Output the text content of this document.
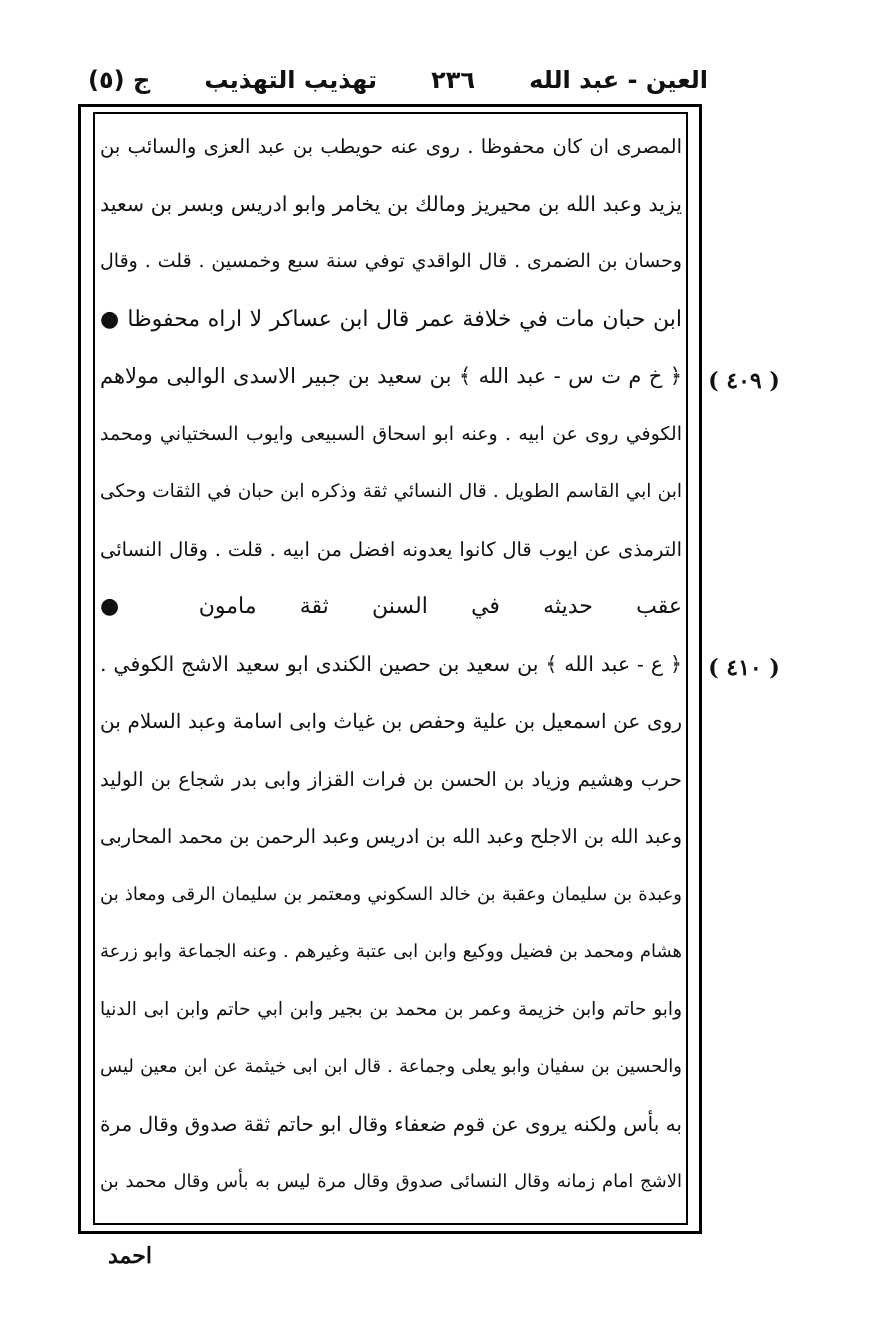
ج (٥) تهذيب التهذيب ٢٣٦ العين - عبد الله
( ٤٠٩ )
( ٤١٠ )
المصرى ان كان محفوظا . روى عنه حويطب بن عبد العزى والسائب بن
يزيد وعبد الله بن محيريز ومالك بن يخامر وابو ادريس وبسر بن سعيد
وحسان بن الضمرى . قال الواقدي توفي سنة سبع وخمسين . قلت . وقال
ابن حبان مات في خلافة عمر قال ابن عساكر لا اراه محفوظا ●
﴿ خ م ت س - عبد الله ﴾ بن سعيد بن جبير الاسدى الوالبى مولاهم
الكوفي روى عن ابيه . وعنه ابو اسحاق السبيعى وايوب السختياني ومحمد
ابن ابي القاسم الطويل . قال النسائي ثقة وذكره ابن حبان في الثقات وحكى
الترمذى عن ايوب قال كانوا يعدونه افضل من ابيه . قلت . وقال النسائى
عقب حديثه في السنن ثقة مامون ●
﴿ ع - عبد الله ﴾ بن سعيد بن حصين الكندى ابو سعيد الاشج الكوفي .
روى عن اسمعيل بن علية وحفص بن غياث وابى اسامة وعبد السلام بن
حرب وهشيم وزياد بن الحسن بن فرات القزاز وابى بدر شجاع بن الوليد
وعبد الله بن الاجلح وعبد الله بن ادريس وعبد الرحمن بن محمد المحاربى
وعبدة بن سليمان وعقبة بن خالد السكوني ومعتمر بن سليمان الرقى ومعاذ بن
هشام ومحمد بن فضيل ووكيع وابن ابى عتبة وغيرهم . وعنه الجماعة وابو زرعة
وابو حاتم وابن خزيمة وعمر بن محمد بن بجير وابن ابي حاتم وابن ابى الدنيا
والحسين بن سفيان وابو يعلى وجماعة . قال ابن ابى خيثمة عن ابن معين ليس
به بأس ولكنه يروى عن قوم ضعفاء وقال ابو حاتم ثقة صدوق وقال مرة
الاشج امام زمانه وقال النسائى صدوق وقال مرة ليس به بأس وقال محمد بن
احمد
